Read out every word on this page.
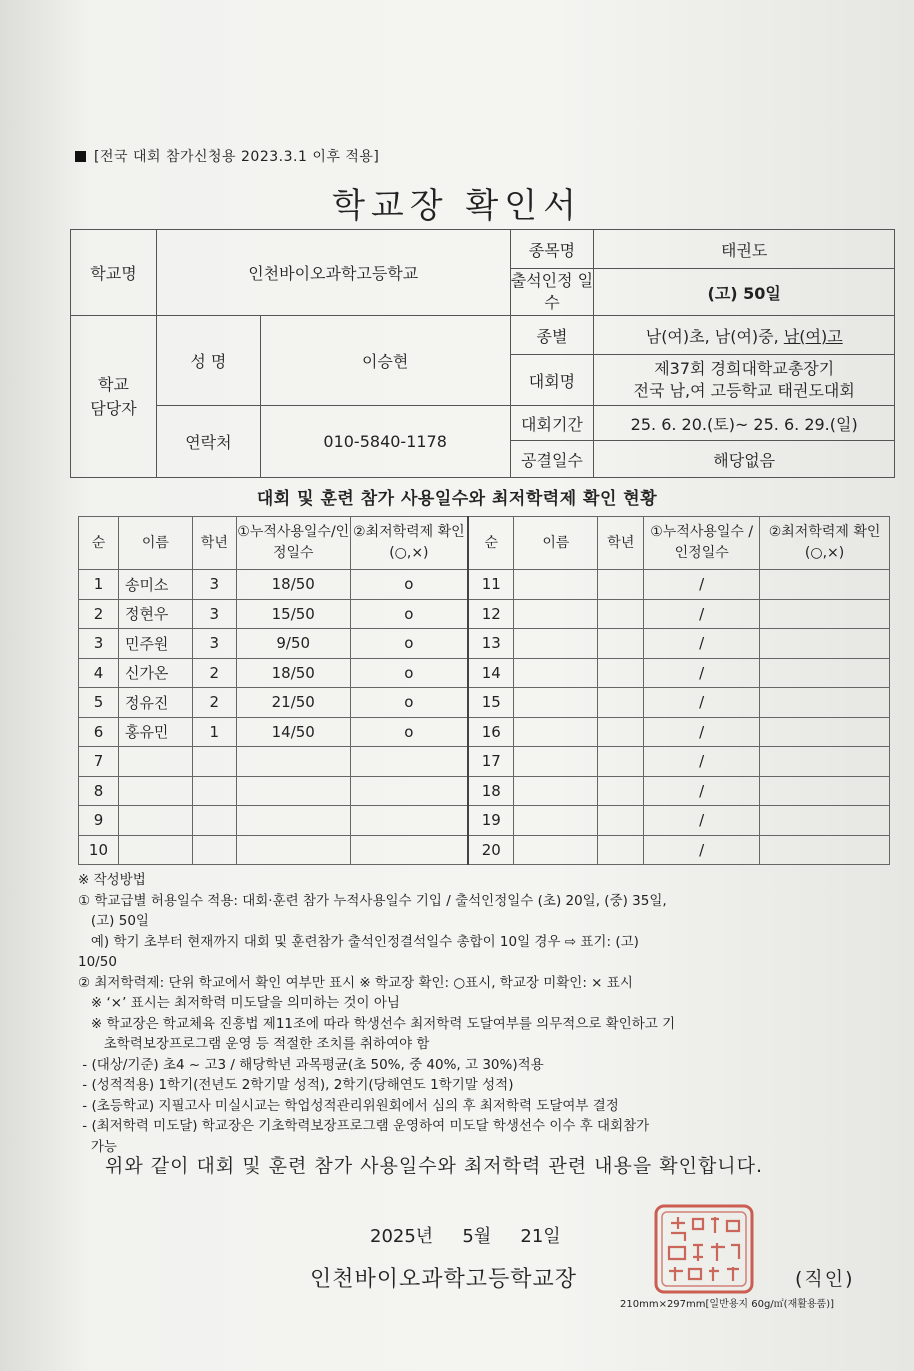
[전국 대회 참가신청용 2023.3.1 이후 적용]
학교장 확인서
학교명	인천바이오과학고등학교		종목명	태권도
			출석인정 일수	(고) 50일
학교 담당자	성 명	이승현	종별	남(여)초, 남(여)중, 남(여)고
			대회명	제37회 경희대학교총장기
전국 남,여 고등학교 태권도대회

	연락처	010-5840-1178	대회기간	25. 6. 20.(토)~ 25. 6. 29.(일)
			공결일수	해당없음
대회 및 훈련 참가 사용일수와 최저학력제 확인 현황
순	이름	학년	①누적사용일수/인정일수	②최저학력제 확인(○,×)	순	이름	학년	①누적사용일수 /인정일수	②최저학력제 확인(○,×)
1	송미소	3	18/50	o	11			/	
2	정현우	3	15/50	o	12			/	
3	민주원	3	9/50	o	13			/	
4	신가온	2	18/50	o	14			/	
5	정유진	2	21/50	o	15			/	
6	홍유민	1	14/50	o	16			/	
7					17			/	
8					18			/	
9					19			/	
10					20			/	
※ 작성방법
① 학교급별 허용일수 적용: 대회·훈련 참가 누적사용일수 기입 / 출석인정일수 (초) 20일, (중) 35일,
(고) 50일
예) 학기 초부터 현재까지 대회 및 훈련참가 출석인정결석일수 총합이 10일 경우 ⇨ 표기: (고)
10/50
② 최저학력제: 단위 학교에서 확인 여부만 표시 ※ 학교장 확인: ○표시, 학교장 미확인: × 표시
※ ‘×’ 표시는 최저학력 미도달을 의미하는 것이 아님
※ 학교장은 학교체육 진흥법 제11조에 따라 학생선수 최저학력 도달여부를 의무적으로 확인하고 기
초학력보장프로그램 운영 등 적절한 조치를 취하여야 함
- (대상/기준) 초4 ~ 고3 / 해당학년 과목평균(초 50%, 중 40%, 고 30%)적용
- (성적적용) 1학기(전년도 2학기말 성적), 2학기(당해연도 1학기말 성적)
- (초등학교) 지필고사 미실시교는 학업성적관리위원회에서 심의 후 최저학력 도달여부 결정
- (최저학력 미도달) 학교장은 기초학력보장프로그램 운영하여 미도달 학생선수 이수 후 대회참가
가능
위와 같이 대회 및 훈련 참가 사용일수와 최저학력 관련 내용을 확인합니다.
2025년   5월   21일
인천바이오과학고등학교장	(직인)
210mm×297mm[일반용지 60g/㎡(재활용품)]
